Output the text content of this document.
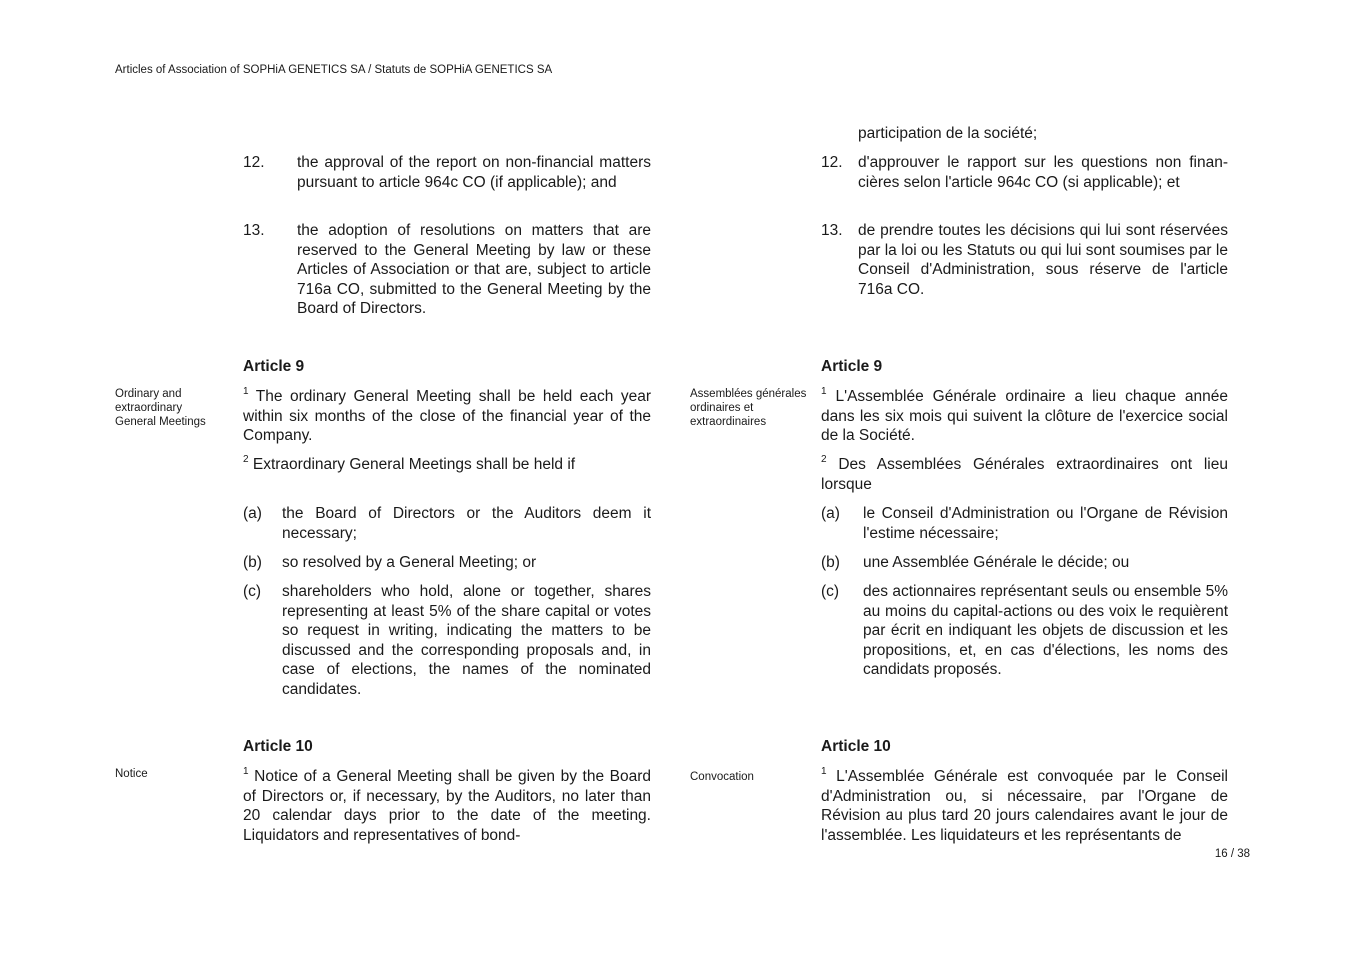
Articles of Association of SOPHiA GENETICS SA / Statuts de SOPHiA GENETICS SA
12. the approval of the report on non-financial matters pursuant to article 964c CO (if applicable); and
13. the adoption of resolutions on matters that are reserved to the General Meeting by law or these Articles of Association or that are, subject to article 716a CO, submitted to the General Meeting by the Board of Directors.
Article 9
Ordinary and extraordinary General Meetings
$^1$ The ordinary General Meeting shall be held each year within six months of the close of the financial year of the Company.
$^2$ Extraordinary General Meetings shall be held if
(a) the Board of Directors or the Auditors deem it necessary;
(b) so resolved by a General Meeting; or
(c) shareholders who hold, alone or together, shares representing at least 5% of the share capital or votes so request in writing, indicating the matters to be discussed and the corresponding proposals and, in case of elections, the names of the nominated candidates.
Article 10
Notice	$^1$ Notice of a General Meeting shall be given by the Board of Directors or, if necessary, by the Auditors, no later than 20 calendar days prior to the date of the meeting. Liquidators and representatives of bond-
participation de la société;
12. d'approuver le rapport sur les questions non finan-cières selon l'article 964c CO (si applicable); et
13. de prendre toutes les décisions qui lui sont réservées par la loi ou les Statuts ou qui lui sont soumises par le Conseil d'Administration, sous réserve de l'article 716a CO.
Article 9
Assemblées générales ordinaires et extraordinaires
$^1$ L'Assemblée Générale ordinaire a lieu chaque année dans les six mois qui suivent la clôture de l'exercice social de la Société.
$^2$ Des Assemblées Générales extraordinaires ont lieu lorsque
(a) le Conseil d'Administration ou l'Organe de Révision l'estime nécessaire;
(b) une Assemblée Générale le décide; ou
(c) des actionnaires représentant seuls ou ensemble 5% au moins du capital-actions ou des voix le requièrent par écrit en indiquant les objets de discussion et les propositions, et, en cas d'élections, les noms des candidats proposés.
Article 10
Convocation	$^1$ L'Assemblée Générale est convoquée par le Conseil d'Administration ou, si nécessaire, par l'Organe de Révision au plus tard 20 jours calendaires avant le jour de l'assemblée. Les liquidateurs et les représentants de
16 / 38
